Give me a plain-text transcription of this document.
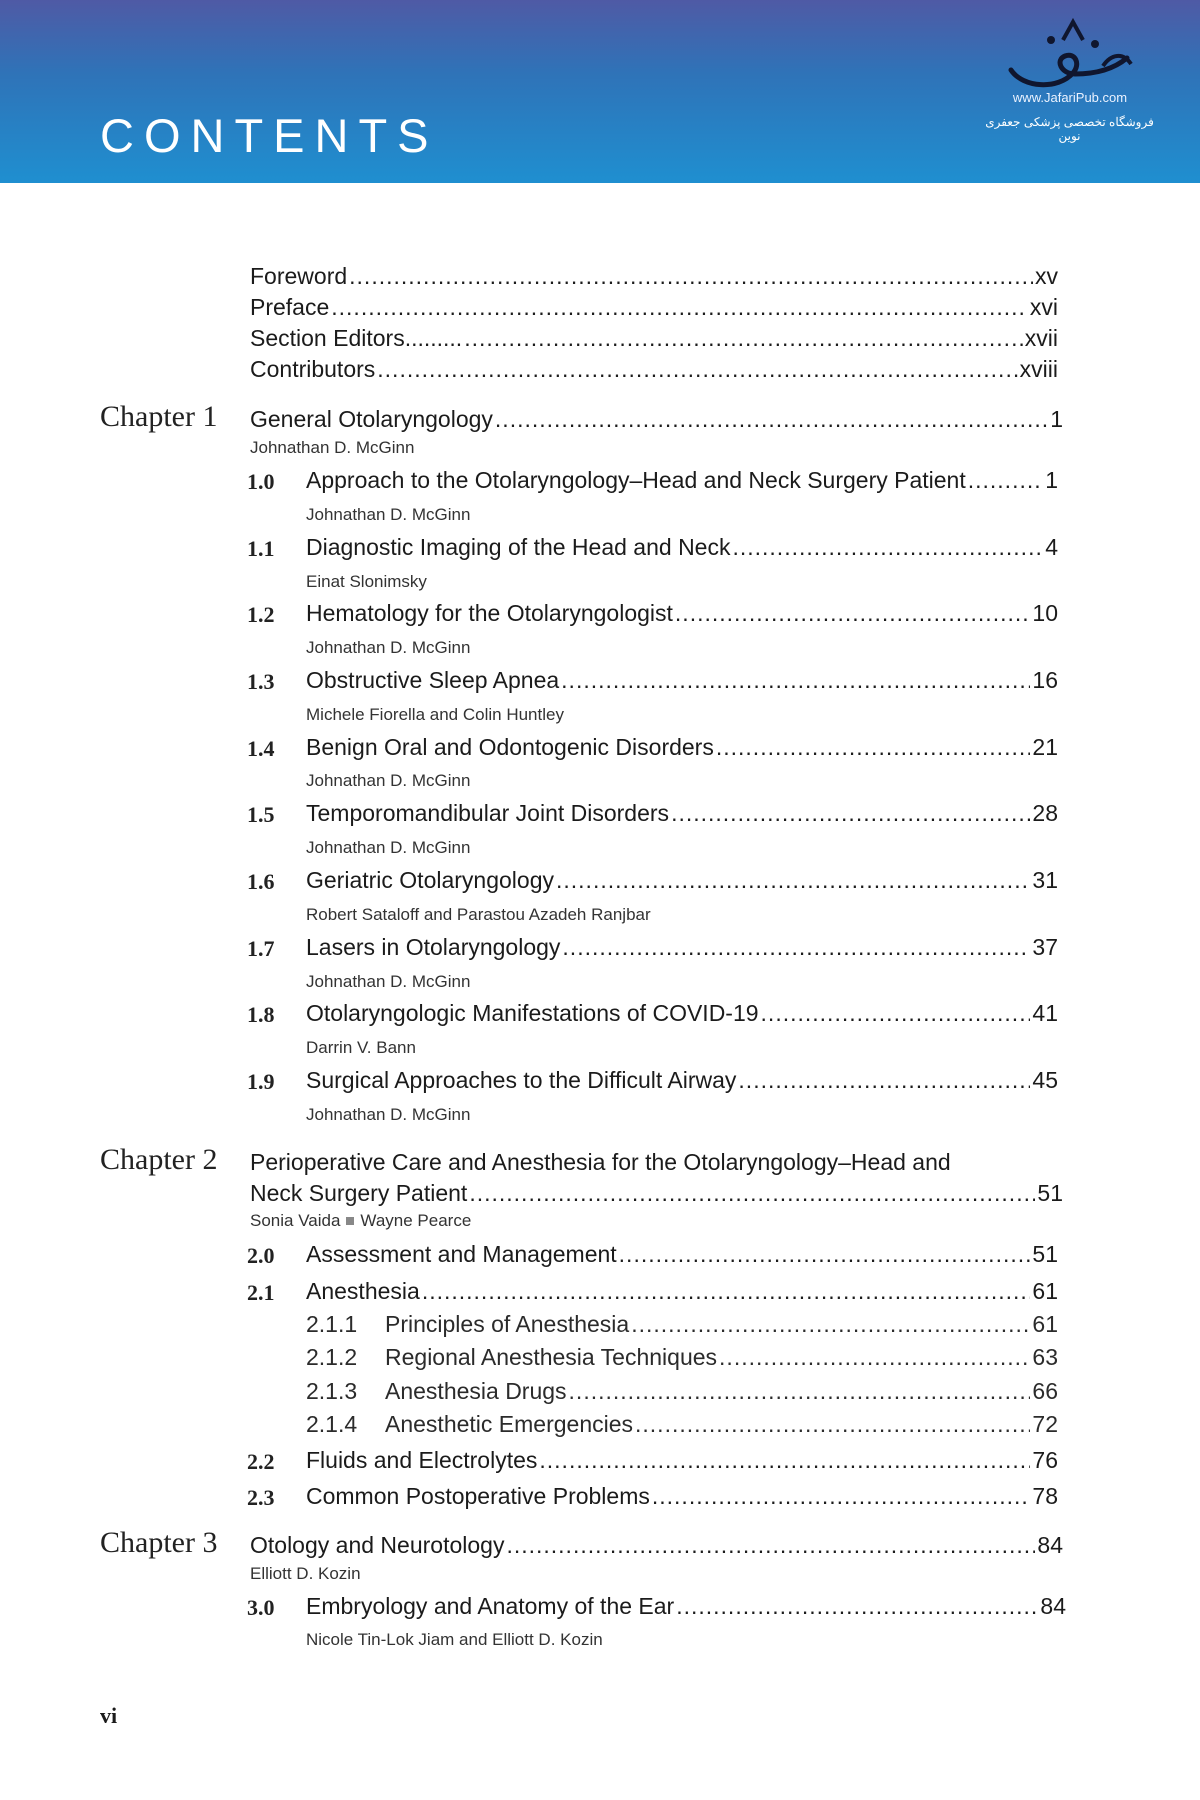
CONTENTS
www.JafariPub.com
فروشگاه تخصصی پزشکی جعفری نوین
Foreword .....	xv
Preface .....	xvi
Section Editors......... .....	.xvii
Contributors .....	xviii
Chapter 1 General Otolaryngology .....	1
Johnathan D. McGinn
1.0 Approach to the Otolaryngology–Head and Neck Surgery Patient .....	1
Johnathan D. McGinn
1.1 Diagnostic Imaging of the Head and Neck .....	4
Einat Slonimsky
1.2 Hematology for the Otolaryngologist .....	10
Johnathan D. McGinn
1.3 Obstructive Sleep Apnea .....	16
Michele Fiorella and Colin Huntley
1.4 Benign Oral and Odontogenic Disorders .....	21
Johnathan D. McGinn
1.5 Temporomandibular Joint Disorders .....	28
Johnathan D. McGinn
1.6 Geriatric Otolaryngology .....	31
Robert Sataloff and Parastou Azadeh Ranjbar
1.7 Lasers in Otolaryngology .....	37
Johnathan D. McGinn
1.8 Otolaryngologic Manifestations of COVID-19 .....	41
Darrin V. Bann
1.9 Surgical Approaches to the Difficult Airway .....	45
Johnathan D. McGinn
Chapter 2 Perioperative Care and Anesthesia for the Otolaryngology–Head and
Neck Surgery Patient .....	51
Sonia Vaida Wayne Pearce
2.0 Assessment and Management .....	51
2.1 Anesthesia .....	61
2.1.1 Principles of Anesthesia .....	61
2.1.2 Regional Anesthesia Techniques .....	63
2.1.3 Anesthesia Drugs .....	66
2.1.4 Anesthetic Emergencies .....	72
2.2 Fluids and Electrolytes .....	76
2.3 Common Postoperative Problems .....	78
Chapter 3 Otology and Neurotology .....	84
Elliott D. Kozin
3.0 Embryology and Anatomy of the Ear .....	84
Nicole Tin-Lok Jiam and Elliott D. Kozin
vi
